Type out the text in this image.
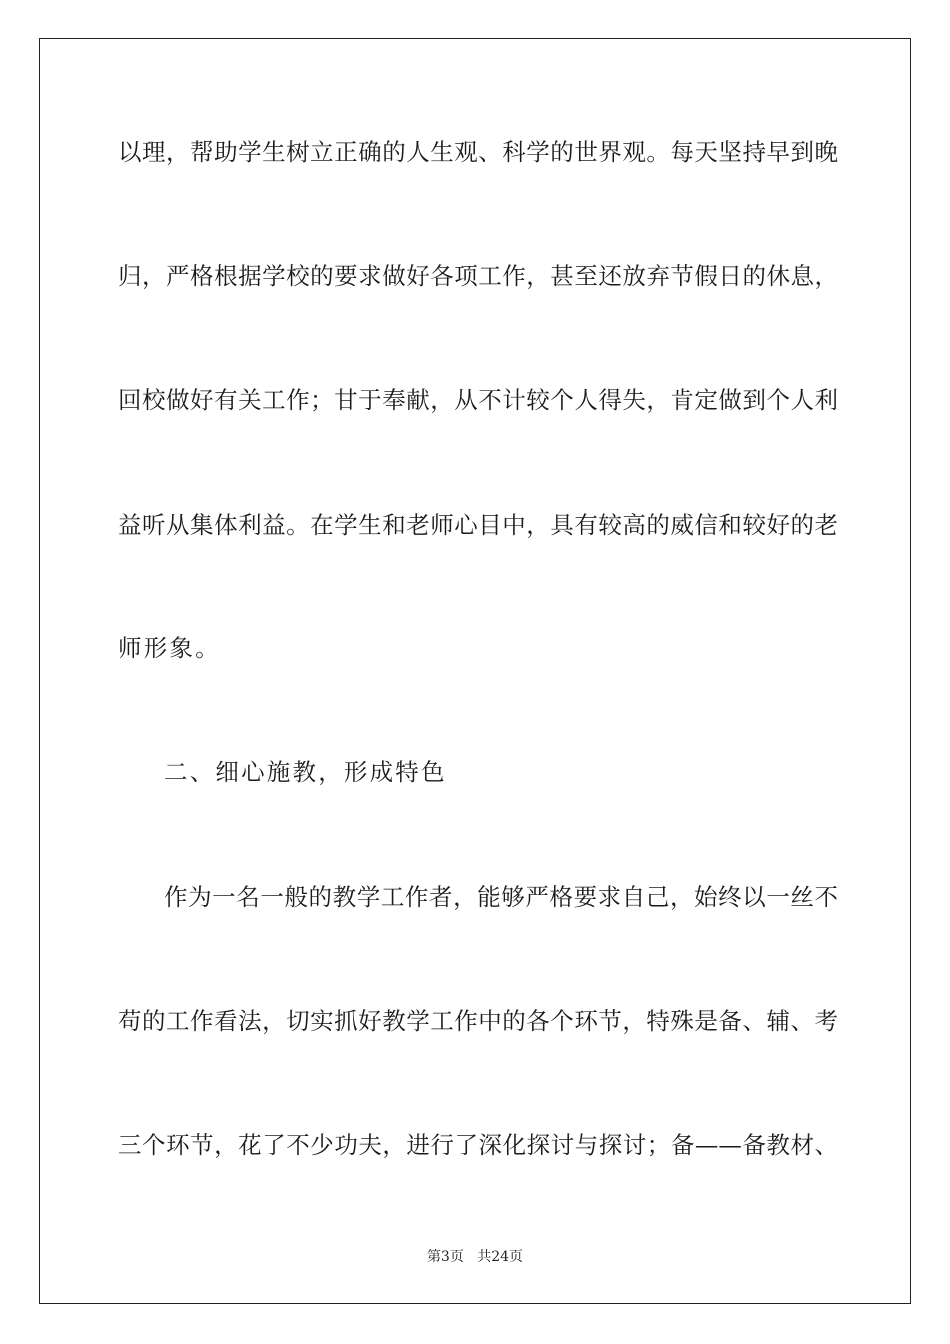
以理，帮助学生树立正确的人生观、科学的世界观。每天坚持早到晚
归，严格根据学校的要求做好各项工作，甚至还放弃节假日的休息，
回校做好有关工作；甘于奉献，从不计较个人得失，肯定做到个人利
益听从集体利益。在学生和老师心目中，具有较高的威信和较好的老
师形象。
二、细心施教，形成特色
作为一名一般的教学工作者，能够严格要求自己，始终以一丝不
苟的工作看法，切实抓好教学工作中的各个环节，特殊是备、辅、考
三个环节，花了不少功夫，进行了深化探讨与探讨；备——备教材、
第3页 共24页
